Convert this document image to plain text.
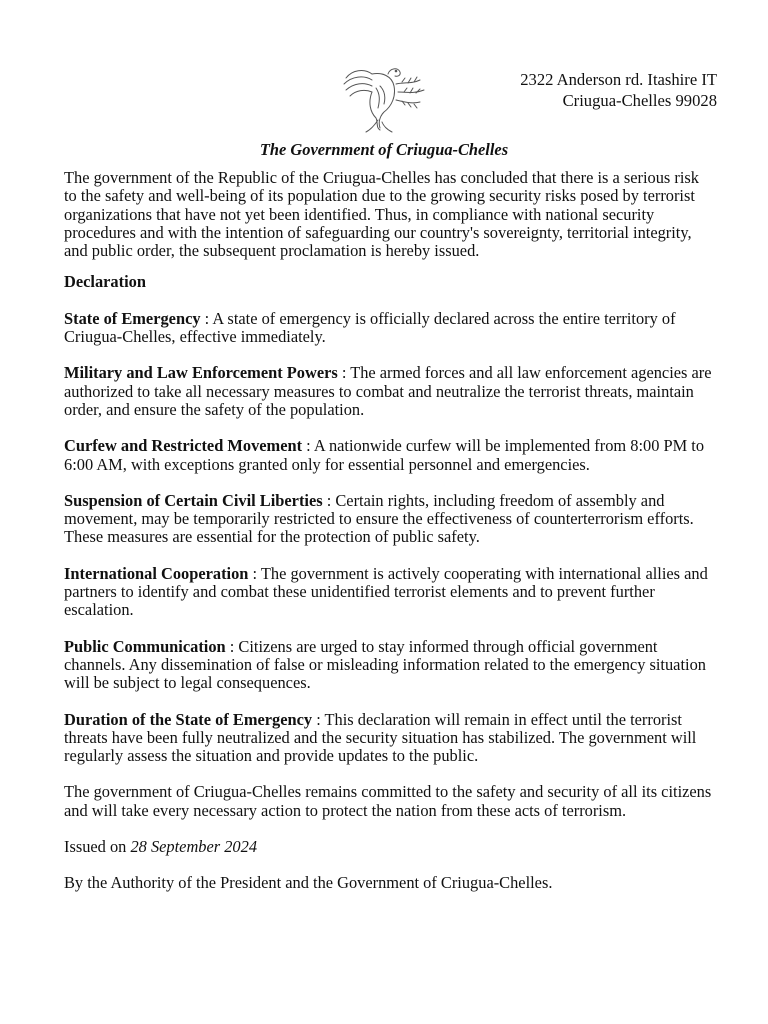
2322 Anderson rd. Itashire IT
Criugua-Chelles 99028
The Government of Criugua-Chelles

The government of the Republic of the Criugua-Chelles has concluded that there is a serious risk to the safety and well-being of its population due to the growing security risks posed by terrorist organizations that have not yet been identified. Thus, in compliance with national security procedures and with the intention of safeguarding our country's sovereignty, territorial integrity, and public order, the subsequent proclamation is hereby issued.

Declaration

State of Emergency : A state of emergency is officially declared across the entire territory of Criugua-Chelles, effective immediately.

Military and Law Enforcement Powers : The armed forces and all law enforcement agencies are authorized to take all necessary measures to combat and neutralize the terrorist threats, maintain order, and ensure the safety of the population.

Curfew and Restricted Movement : A nationwide curfew will be implemented from 8:00 PM to 6:00 AM, with exceptions granted only for essential personnel and emergencies.

Suspension of Certain Civil Liberties : Certain rights, including freedom of assembly and movement, may be temporarily restricted to ensure the effectiveness of counterterrorism efforts. These measures are essential for the protection of public safety.

International Cooperation : The government is actively cooperating with international allies and partners to identify and combat these unidentified terrorist elements and to prevent further escalation.

Public Communication : Citizens are urged to stay informed through official government channels. Any dissemination of false or misleading information related to the emergency situation will be subject to legal consequences.

Duration of the State of Emergency : This declaration will remain in effect until the terrorist threats have been fully neutralized and the security situation has stabilized. The government will regularly assess the situation and provide updates to the public.

The government of Criugua-Chelles remains committed to the safety and security of all its citizens and will take every necessary action to protect the nation from these acts of terrorism.

Issued on 28 September 2024

By the Authority of the President and the Government of Criugua-Chelles.
